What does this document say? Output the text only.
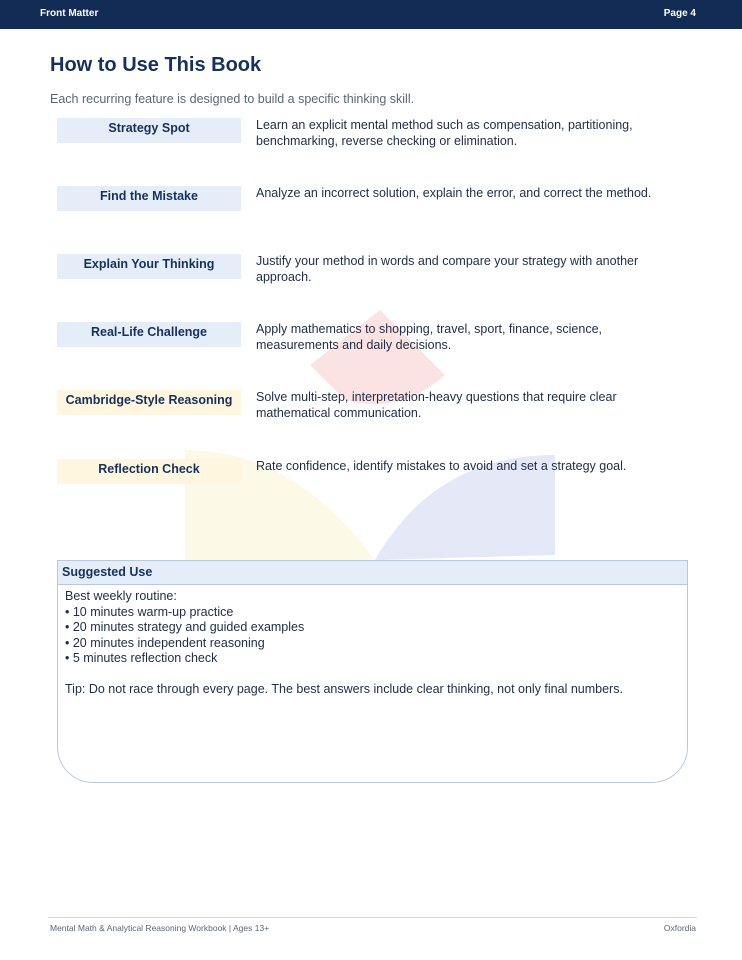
Front Matter	Page 4
How to Use This Book

Each recurring feature is designed to build a specific thinking skill.

Strategy Spot	Learn an explicit mental method such as compensation, partitioning, benchmarking, reverse checking or elimination.
Find the Mistake	Analyze an incorrect solution, explain the error, and correct the method.
Explain Your Thinking	Justify your method in words and compare your strategy with another approach.
Real-Life Challenge	Apply mathematics to shopping, travel, sport, finance, science, measurements and daily decisions.
Cambridge-Style Reasoning	Solve multi-step, interpretation-heavy questions that require clear mathematical communication.
Reflection Check	Rate confidence, identify mistakes to avoid and set a strategy goal.
Suggested Use
Best weekly routine:
• 10 minutes warm-up practice
• 20 minutes strategy and guided examples
• 20 minutes independent reasoning
• 5 minutes reflection check
Tip: Do not race through every page. The best answers include clear thinking, not only final numbers.
Mental Math & Analytical Reasoning Workbook | Ages 13+	Oxfordia
